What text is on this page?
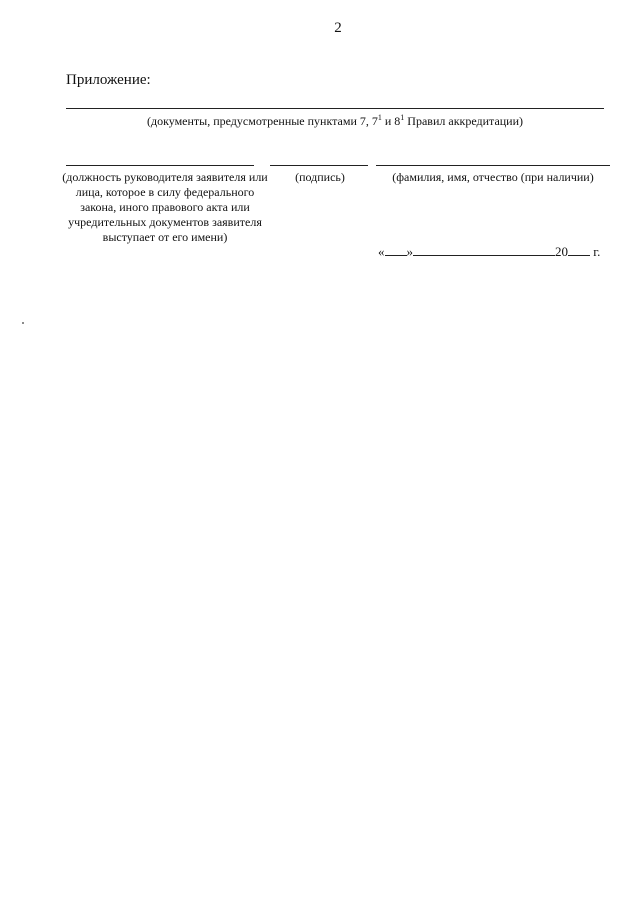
2
Приложение:
(документы, предусмотренные пунктами 7, $7^1$ и $8^1$ Правил аккредитации)
(должность руководителя заявителя или лица, которое в силу федерального закона, иного правового акта или учредительных документов заявителя выступает от его имени)
(подпись)	(фамилия, имя, отчество (при наличии)
« »	20 г.
